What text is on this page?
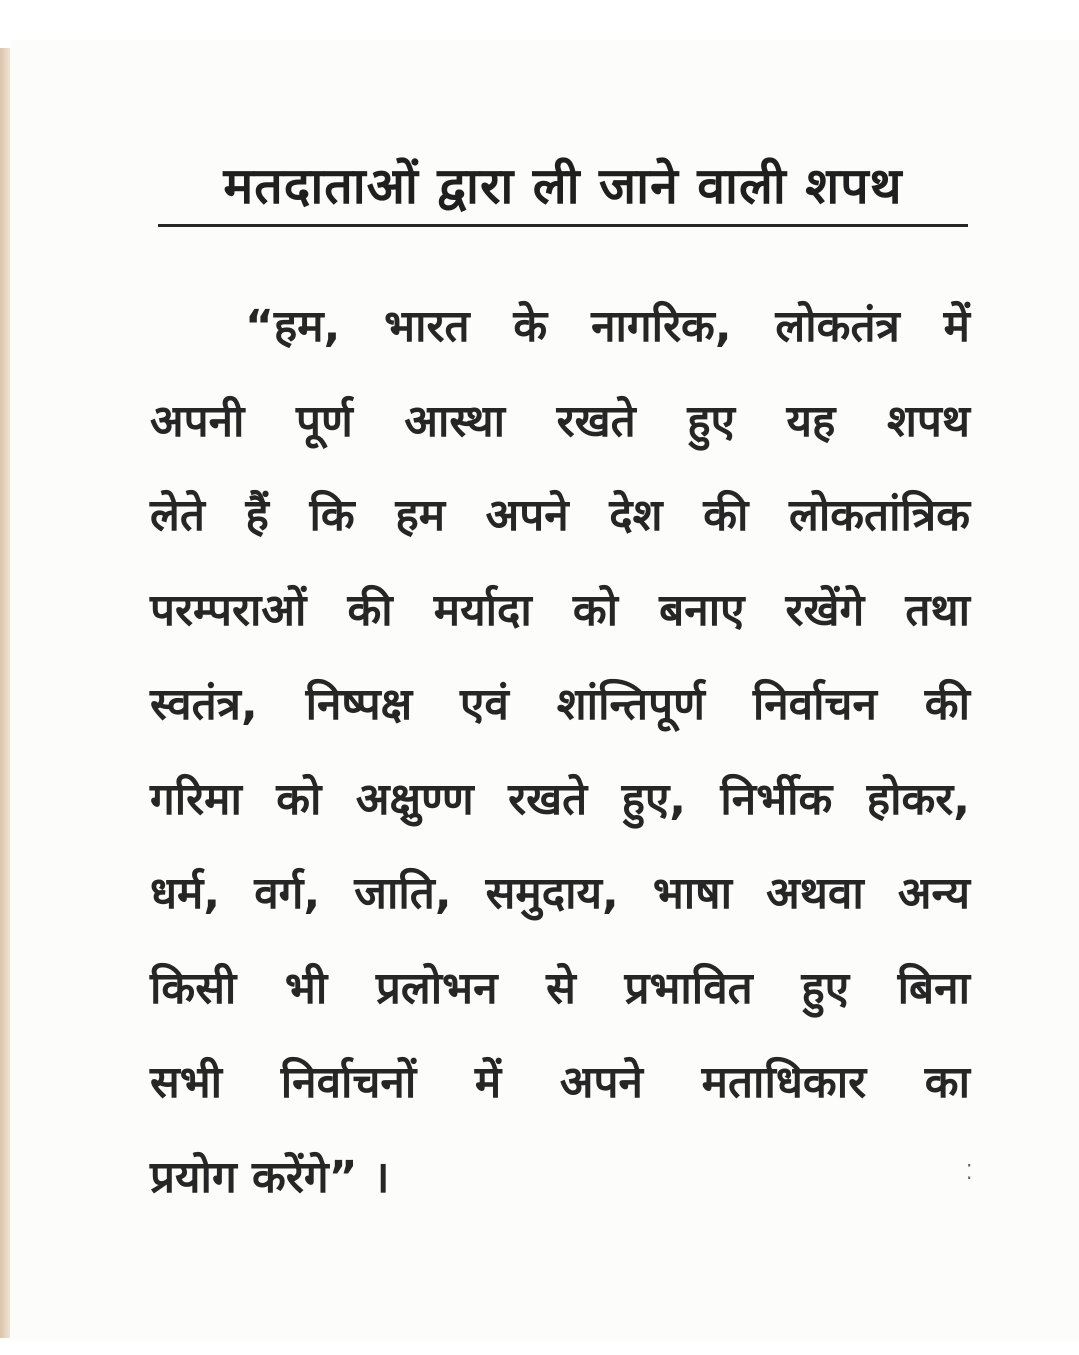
मतदाताओं द्वारा ली जाने वाली शपथ

“हम, भारत के नागरिक, लोकतंत्र में
अपनी पूर्ण आस्था रखते हुए यह शपथ
लेते हैं कि हम अपने देश की लोकतांत्रिक
परम्पराओं की मर्यादा को बनाए रखेंगे तथा
स्वतंत्र, निष्पक्ष एवं शांन्तिपूर्ण निर्वाचन की
गरिमा को अक्षुण्ण रखते हुए, निर्भीक होकर,
धर्म, वर्ग, जाति, समुदाय, भाषा अथवा अन्य
किसी भी प्रलोभन से प्रभावित हुए बिना
सभी निर्वाचनों में अपने मताधिकार का
प्रयोग करेंगे” ।	⁚
